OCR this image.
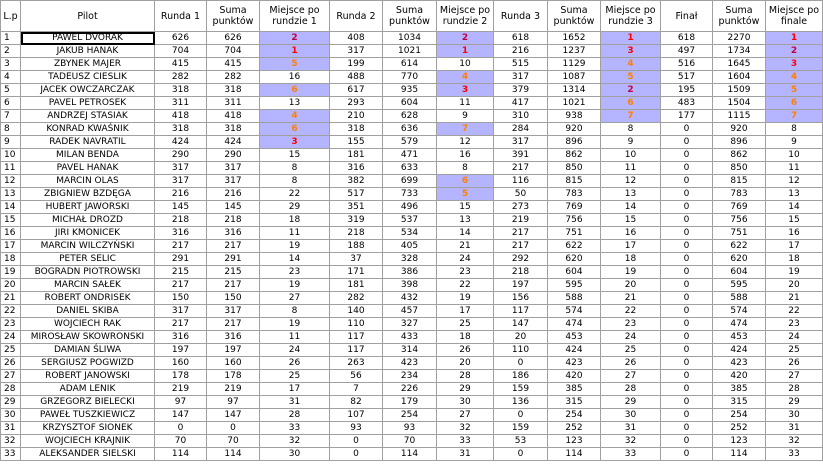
L.p	Pilot	Runda 1	Suma punktów	Miejsce po rundzie 1	Runda 2	Suma punktów	Miejsce po rundzie 2	Runda 3	Suma punktów	Miejsce po rundzie 3	Finał	Suma punktów	Miejsce po finale
1	PAWEL DVORAK	626	626	2	408	1034	2	618	1652	1	618	2270	1
2	JAKUB HANAK	704	704	1	317	1021	1	216	1237	3	497	1734	2
3	ZBYNEK MAJER	415	415	5	199	614	10	515	1129	4	516	1645	3
4	TADEUSZ CIESLIK	282	282	16	488	770	4	317	1087	5	517	1604	4
5	JACEK OWCZARCZAK	318	318	6	617	935	3	379	1314	2	195	1509	5
6	PAVEL PETROSEK	311	311	13	293	604	11	417	1021	6	483	1504	6
7	ANDRZEJ STASIAK	418	418	4	210	628	9	310	938	7	177	1115	7
8	KONRAD KWAŚNIK	318	318	6	318	636	7	284	920	8	0	920	8
9	RADEK NAVRATIL	424	424	3	155	579	12	317	896	9	0	896	9
10	MILAN BENDA	290	290	15	181	471	16	391	862	10	0	862	10
11	PAVEL HANAK	317	317	8	316	633	8	217	850	11	0	850	11
12	MARCIN OLAS	317	317	8	382	699	6	116	815	12	0	815	12
13	ZBIGNIEW BZDĘGA	216	216	22	517	733	5	50	783	13	0	783	13
14	HUBERT JAWORSKI	145	145	29	351	496	15	273	769	14	0	769	14
15	MICHAŁ DROZD	218	218	18	319	537	13	219	756	15	0	756	15
16	JIRI KMONICEK	316	316	11	218	534	14	217	751	16	0	751	16
17	MARCIN WILCZYŃSKI	217	217	19	188	405	21	217	622	17	0	622	17
18	PETER SELIC	291	291	14	37	328	24	292	620	18	0	620	18
19	BOGRADN PIOTROWSKI	215	215	23	171	386	23	218	604	19	0	604	19
20	MARCIN SAŁEK	217	217	19	181	398	22	197	595	20	0	595	20
21	ROBERT ONDRISEK	150	150	27	282	432	19	156	588	21	0	588	21
22	DANIEL SKIBA	317	317	8	140	457	17	117	574	22	0	574	22
23	WOJCIECH RAK	217	217	19	110	327	25	147	474	23	0	474	23
24	MIROSŁAW SKOWRONSKI	316	316	11	117	433	18	20	453	24	0	453	24
25	DAMIAN ŚLIWA	197	197	24	117	314	26	110	424	25	0	424	25
26	SERGIUSZ POGWIZD	160	160	26	263	423	20	0	423	26	0	423	26
27	ROBERT JANOWSKI	178	178	25	56	234	28	186	420	27	0	420	27
28	ADAM LENIK	219	219	17	7	226	29	159	385	28	0	385	28
29	GRZEGORZ BIELECKI	97	97	31	82	179	30	136	315	29	0	315	29
30	PAWEŁ TUSZKIEWICZ	147	147	28	107	254	27	0	254	30	0	254	30
31	KRZYSZTOF SIONEK	0	0	33	93	93	32	159	252	31	0	252	31
32	WOJCIECH KRAJNIK	70	70	32	0	70	33	53	123	32	0	123	32
33	ALEKSANDER SIELSKI	114	114	30	0	114	31	0	114	33	0	114	33
